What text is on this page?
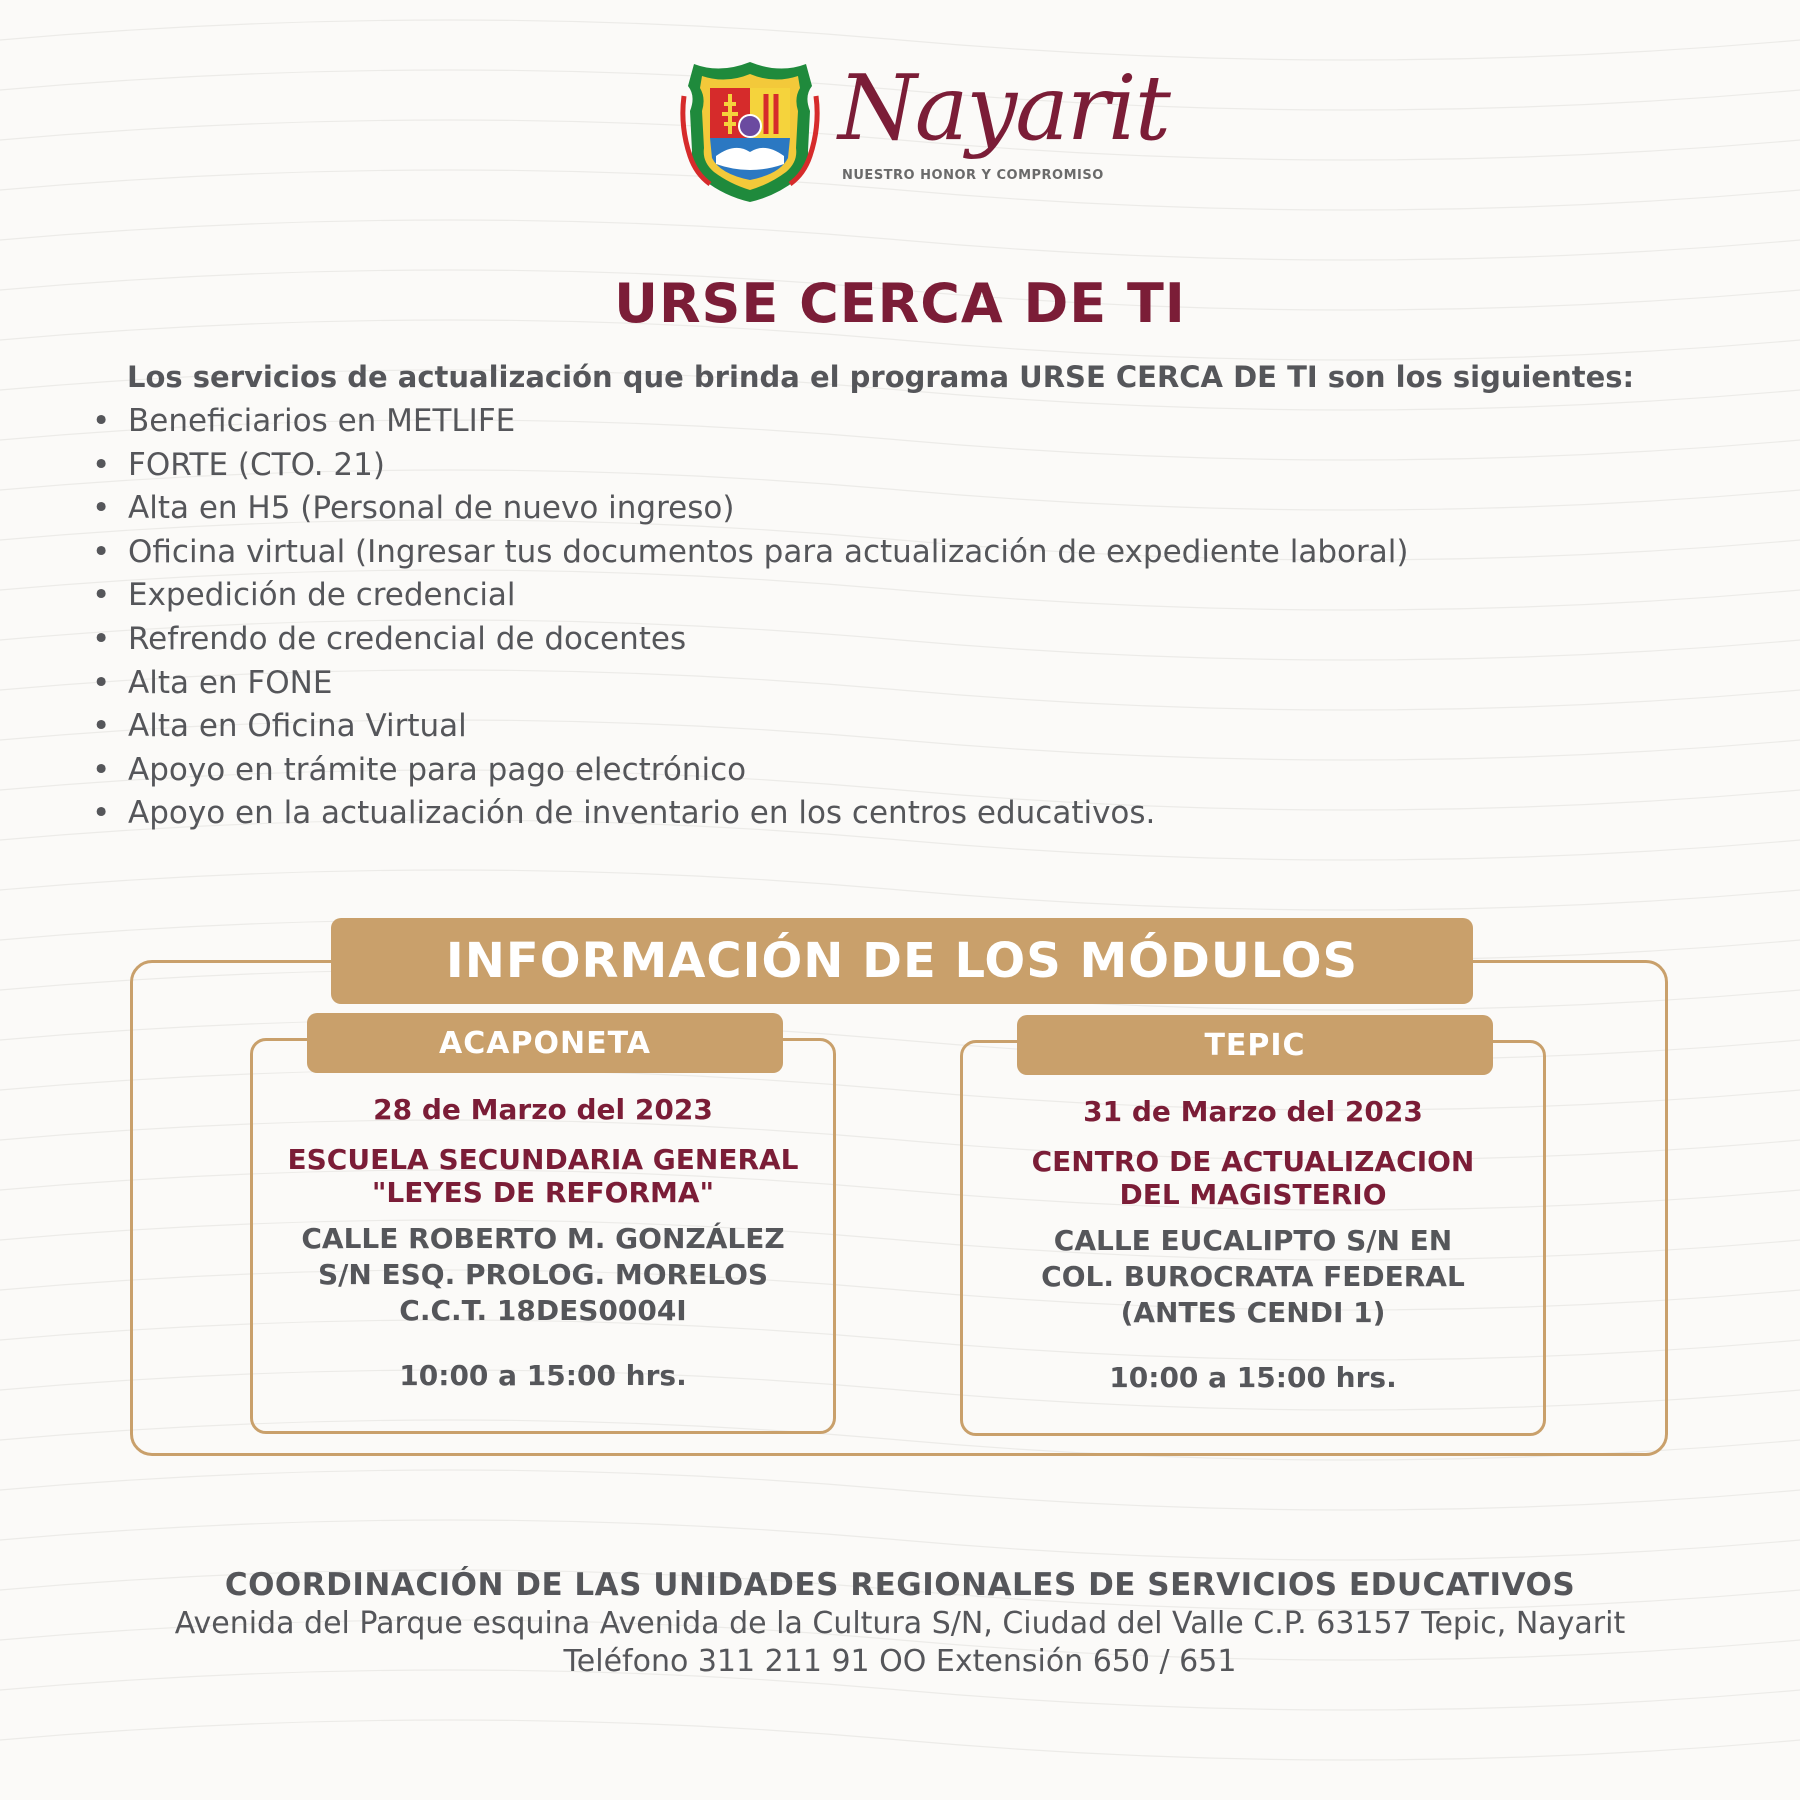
Nayarit
NUESTRO HONOR Y COMPROMISO
URSE CERCA DE TI
Los servicios de actualización que brinda el programa URSE CERCA DE TI son los siguientes:
• Beneficiarios en METLIFE
• FORTE (CTO. 21)
• Alta en H5 (Personal de nuevo ingreso)
• Oficina virtual (Ingresar tus documentos para actualización de expediente laboral)
• Expedición de credencial
• Refrendo de credencial de docentes
• Alta en FONE
• Alta en Oficina Virtual
• Apoyo en trámite para pago electrónico
• Apoyo en la actualización de inventario en los centros educativos.
INFORMACIÓN DE LOS MÓDULOS
28 de Marzo del 2023
ESCUELA SECUNDARIA GENERAL
"LEYES DE REFORMA"
CALLE ROBERTO M. GONZÁLEZ
S/N ESQ. PROLOG. MORELOS
C.C.T. 18DES0004I
10:00 a 15:00 hrs.
ACAPONETA
31 de Marzo del 2023
CENTRO DE ACTUALIZACION
DEL MAGISTERIO
CALLE EUCALIPTO S/N EN
COL. BUROCRATA FEDERAL
(ANTES CENDI 1)
10:00 a 15:00 hrs.
TEPIC
COORDINACIÓN DE LAS UNIDADES REGIONALES DE SERVICIOS EDUCATIVOS
Avenida del Parque esquina Avenida de la Cultura S/N, Ciudad del Valle C.P. 63157 Tepic, Nayarit
Teléfono 311 211 91 OO Extensión 650 / 651
